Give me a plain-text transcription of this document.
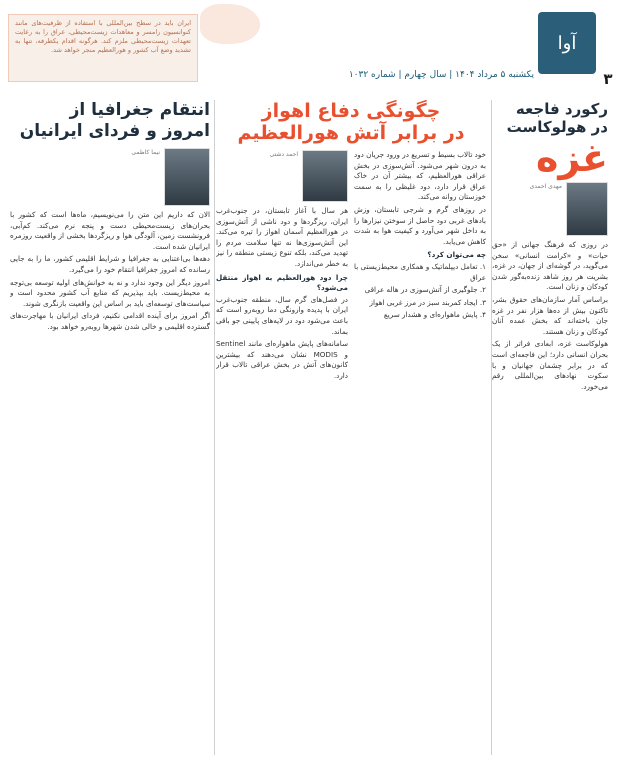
آوا
۳
یکشنبه ۵ مرداد ۱۴۰۴ | سال چهارم | شماره ۱۰۳۲
ایران باید در سطح بین‌المللی با استفاده از ظرفیت‌های مانند کنوانسیون رامسر و معاهدات زیست‌محیطی، عراق را به رعایت تعهدات زیست‌محیطی ملزم کند. هرگونه اقدام یکطرفه، تنها به تشدید وضع آب کشور و هورالعظیم منجر خواهد شد.
رکورد فاجعه
در هولوکاست
غزه
مهدی احمدی

در روزی که فرهنگ جهانی از «حق حیات» و «کرامت انسانی» سخن می‌گوید، در گوشه‌ای از جهان، در غزه، بشریت هر روز شاهد زنده‌به‌گور شدن کودکان و زنان است.

براساس آمار سازمان‌های حقوق بشر، تاکنون بیش از ده‌ها هزار نفر در غزه جان باخته‌اند که بخش عمده آنان کودکان و زنان هستند.

هولوکاست غزه، ابعادی فراتر از یک بحران انسانی دارد؛ این فاجعه‌ای است که در برابر چشمان جهانیان و با سکوت نهادهای بین‌المللی رقم می‌خورد.

چگونگی دفاع اهواز
در برابر آتش هورالعظیم

خود تالاب بسیط و تسریع در ورود جریان دود به درون شهر می‌شود. آتش‌سوزی در بخش عراقی هورالعظیم، که بیشتر آن در خاک عراق قرار دارد، دود غلیظی را به سمت خوزستان روانه می‌کند.

در روزهای گرم و شرجی تابستان، وزش بادهای غربی دود حاصل از سوختن نیزارها را به داخل شهر می‌آورد و کیفیت هوا به شدت کاهش می‌یابد.

چه می‌توان کرد؟

۱. تعامل دیپلماتیک و همکاری محیط‌زیستی با عراق

۲. جلوگیری از آتش‌سوزی در هاله عراقی

۳. ایجاد کمربند سبز در مرز غربی اهواز

۴. پایش ماهواره‌ای و هشدار سریع

احمد دشتی

هر سال با آغاز تابستان، در جنوب‌غرب ایران، ریزگردها و دود ناشی از آتش‌سوزی در هورالعظیم آسمان اهواز را تیره می‌کند. این آتش‌سوزی‌ها نه تنها سلامت مردم را تهدید می‌کند، بلکه تنوع زیستی منطقه را نیز به خطر می‌اندازد.

چرا دود هورالعظیم به اهواز منتقل می‌شود؟

در فصل‌های گرم سال، منطقه جنوب‌غرب ایران با پدیده وارونگی دما روبه‌رو است که باعث می‌شود دود در لایه‌های پایینی جو باقی بماند.

سامانه‌های پایش ماهواره‌ای مانند Sentinel و MODIS نشان می‌دهند که بیشترین کانون‌های آتش در بخش عراقی تالاب قرار دارد.

انتقام جغرافیا از
امروز و فردای ایرانیان
نیما کاظمی

الان که داریم این متن را می‌نویسیم، ماه‌ها است که کشور با بحران‌های زیست‌محیطی دست و پنجه نرم می‌کند. کم‌آبی، فرونشست زمین، آلودگی هوا و ریزگردها بخشی از واقعیت روزمره ایرانیان شده است.

دهه‌ها بی‌اعتنایی به جغرافیا و شرایط اقلیمی کشور، ما را به جایی رسانده که امروز جغرافیا انتقام خود را می‌گیرد.

امروز دیگر این وجود ندارد و نه به خوانش‌های اولیه توسعه بی‌توجه به محیط‌زیست. باید بپذیریم که منابع آب کشور محدود است و سیاست‌های توسعه‌ای باید بر اساس این واقعیت بازنگری شوند.

اگر امروز برای آینده اقدامی نکنیم، فردای ایرانیان با مهاجرت‌های گسترده اقلیمی و خالی شدن شهرها روبه‌رو خواهد بود.
